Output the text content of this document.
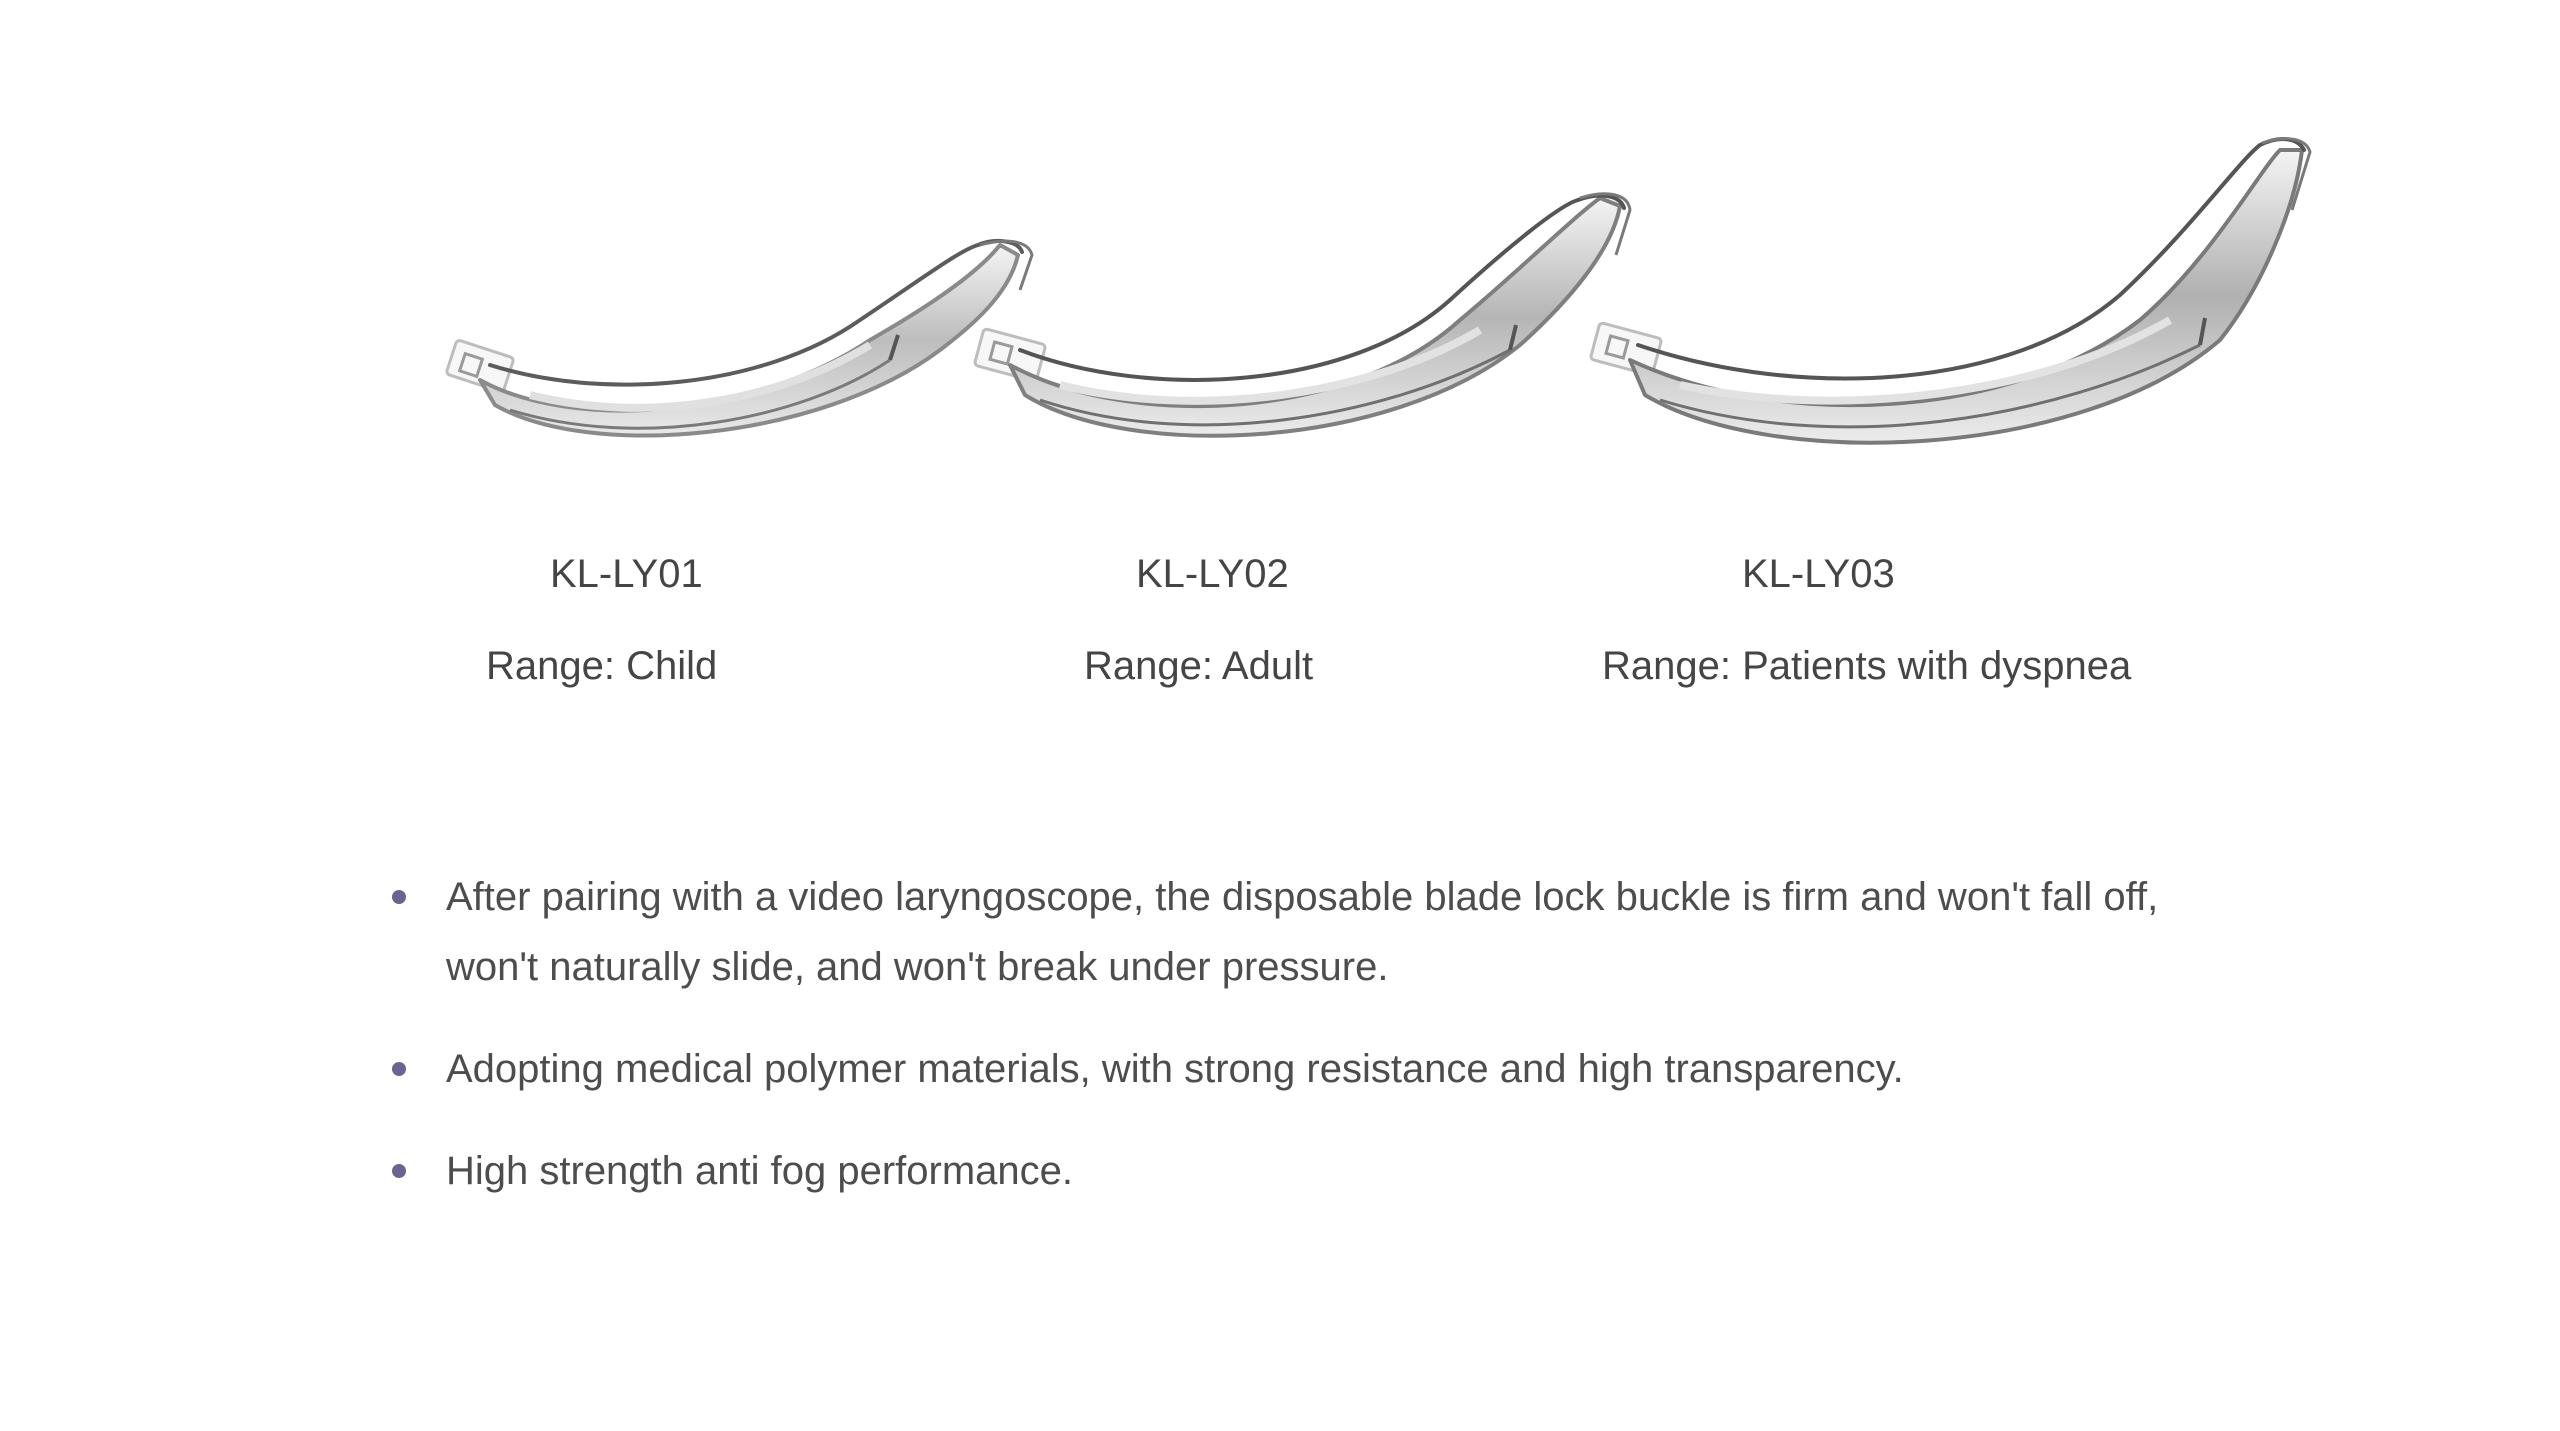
KL-LY01
Range: Child
KL-LY02
Range: Adult
KL-LY03
Range: Patients with dyspnea
After pairing with a video laryngoscope, the disposable blade lock buckle is firm and won't fall off, won't naturally slide, and won't break under pressure.
Adopting medical polymer materials, with strong resistance and high transparency.
High strength anti fog performance.
